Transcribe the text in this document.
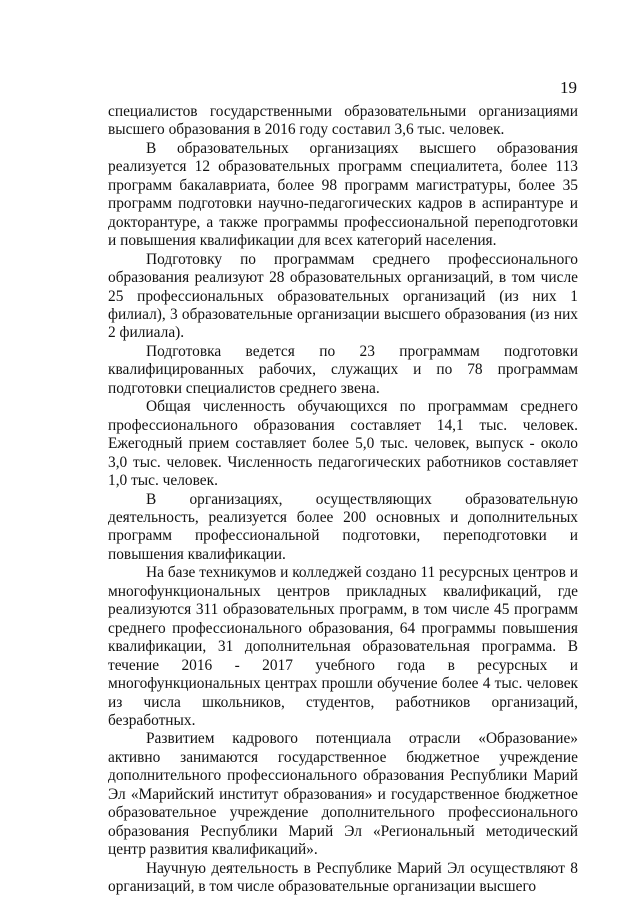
19

специалистов государственными образовательными организациями высшего образования в 2016 году составил 3,6 тыс. человек.

В образовательных организациях высшего образования реализуется 12 образовательных программ специалитета, более 113 программ бакалавриата, более 98 программ магистратуры, более 35 программ подготовки научно-педагогических кадров в аспирантуре и докторантуре, а также программы профессиональной переподготовки и повышения квалификации для всех категорий населения.

Подготовку по программам среднего профессионального образования реализуют 28 образовательных организаций, в том числе 25 профессиональных образовательных организаций (из них 1 филиал), 3 образовательные организации высшего образования (из них 2 филиала).

Подготовка ведется по 23 программам подготовки квалифицированных рабочих, служащих и по 78 программам подготовки специалистов среднего звена.

Общая численность обучающихся по программам среднего профессионального образования составляет 14,1 тыс. человек. Ежегодный прием составляет более 5,0 тыс. человек, выпуск - около 3,0 тыс. человек. Численность педагогических работников составляет 1,0 тыс. человек.

В организациях, осуществляющих образовательную деятельность, реализуется более 200 основных и дополнительных программ профессиональной подготовки, переподготовки и повышения квалификации.

На базе техникумов и колледжей создано 11 ресурсных центров и многофункциональных центров прикладных квалификаций, где реализуются 311 образовательных программ, в том числе 45 программ среднего профессионального образования, 64 программы повышения квалификации, 31 дополнительная образовательная программа. В течение 2016 - 2017 учебного года в ресурсных и многофункциональных центрах прошли обучение более 4 тыс. человек из числа школьников, студентов, работников организаций, безработных.

Развитием кадрового потенциала отрасли «Образование» активно занимаются государственное бюджетное учреждение дополнительного профессионального образования Республики Марий Эл «Марийский институт образования» и государственное бюджетное образовательное учреждение дополнительного профессионального образования Республики Марий Эл «Региональный методический центр развития квалификаций».

Научную деятельность в Республике Марий Эл осуществляют 8 организаций, в том числе образовательные организации высшего
